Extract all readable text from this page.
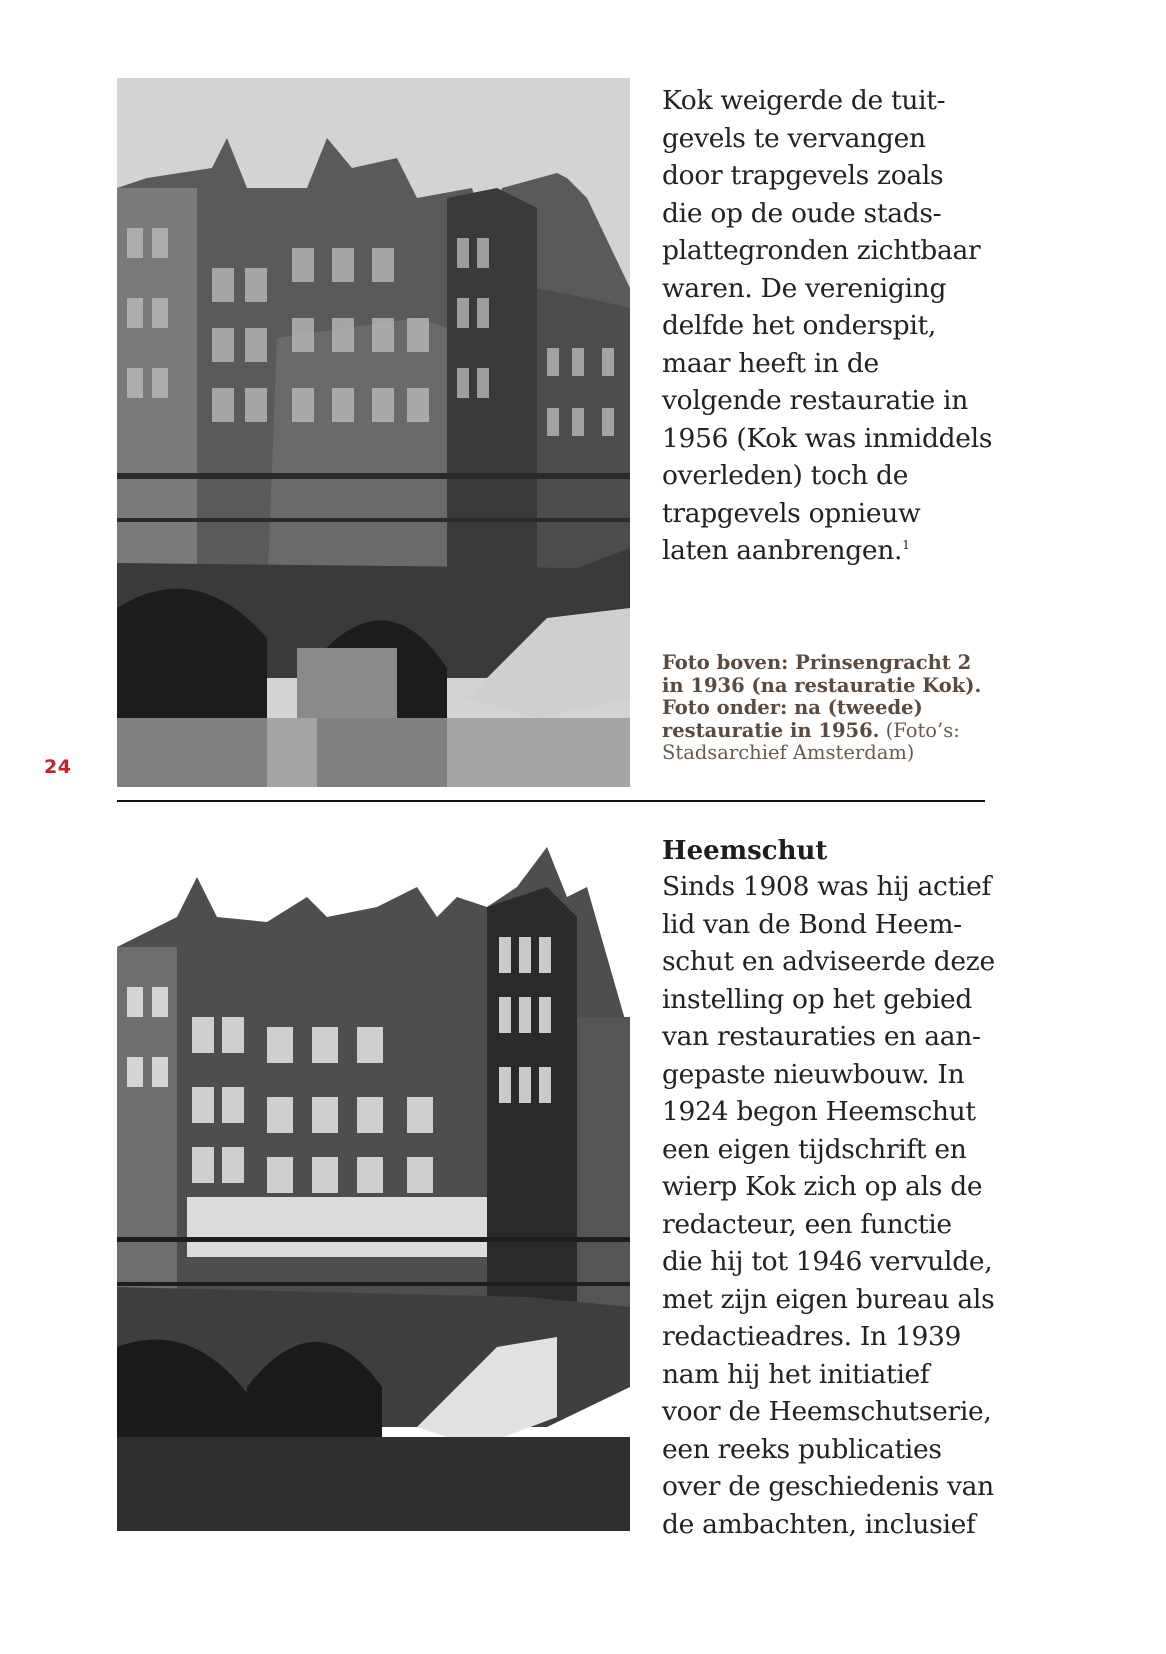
Kok weigerde de tuit-
gevels te vervangen
door trapgevels zoals
die op de oude stads-
plattegronden zichtbaar
waren. De vereniging
delfde het onderspit,
maar heeft in de
volgende restauratie in
1956 (Kok was inmiddels
overleden) toch de
trapgevels opnieuw
laten aanbrengen.$^1$
Foto boven: Prinsengracht 2
in 1936 (na restauratie Kok).
Foto onder: na (tweede)
restauratie in 1956. (Foto’s:
Stadsarchief Amsterdam)
24
Heemschut
Sinds 1908 was hij actief
lid van de Bond Heem-
schut en adviseerde deze
instelling op het gebied
van restauraties en aan-
gepaste nieuwbouw. In
1924 begon Heemschut
een eigen tijdschrift en
wierp Kok zich op als de
redacteur, een functie
die hij tot 1946 vervulde,
met zijn eigen bureau als
redactieadres. In 1939
nam hij het initiatief
voor de Heemschutserie,
een reeks publicaties
over de geschiedenis van
de ambachten, inclusief
